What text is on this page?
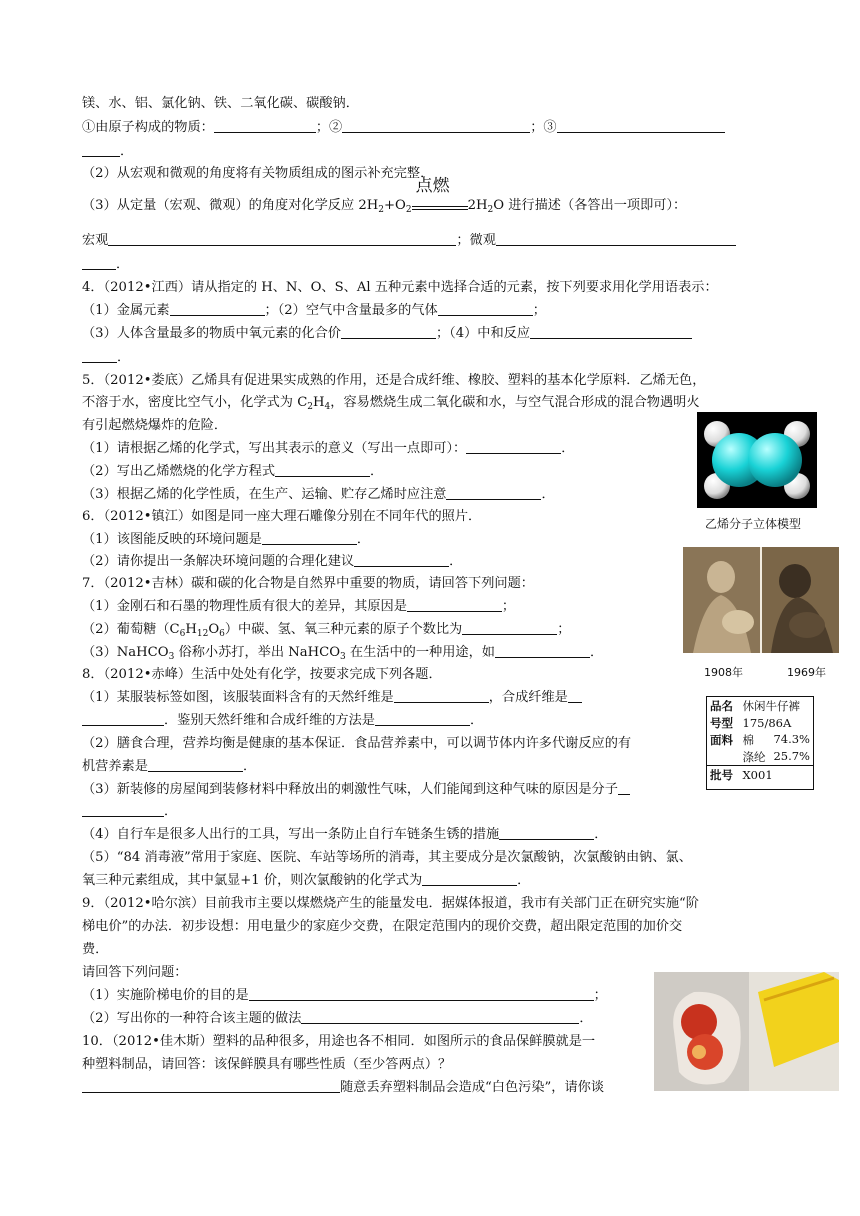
镁、水、铝、氯化钠、铁、二氧化碳、碳酸钠．
①由原子构成的物质：	；②	；③
．
（2）从宏观和微观的角度将有关物质组成的图示补充完整．
（3）从定量（宏观、微观）的角度对化学反应 $2H_2+O_2$
点燃
$2H_2O$ 进行描述（各答出一项即可）：
宏观	；微观
．
4．（2012•江西）请从指定的 H、N、O、S、Al 五种元素中选择合适的元素，按下列要求用化学用语表示：
（1）金属元素	；（2）空气中含量最多的气体	；
（3）人体含量最多的物质中氧元素的化合价	；（4）中和反应
．
5．（2012•娄底）乙烯具有促进果实成熟的作用，还是合成纤维、橡胶、塑料的基本化学原料．乙烯无色，
不溶于水，密度比空气小，化学式为 $C_2H_4$，容易燃烧生成二氧化碳和水，与空气混合形成的混合物遇明火
有引起燃烧爆炸的危险．
（1）请根据乙烯的化学式，写出其表示的意义（写出一点即可）：	．
（2）写出乙烯燃烧的化学方程式	．
（3）根据乙烯的化学性质，在生产、运输、贮存乙烯时应注意	．
6．（2012•镇江）如图是同一座大理石雕像分别在不同年代的照片．
（1）该图能反映的环境问题是	．
（2）请你提出一条解决环境问题的合理化建议	．
7．（2012•吉林）碳和碳的化合物是自然界中重要的物质，请回答下列问题：
（1）金刚石和石墨的物理性质有很大的差异，其原因是	；
（2）葡萄糖$(C_6H_{12}O_6)$中碳、氢、氧三种元素的原子个数比为	；
（3）NaHCO$_3$ 俗称小苏打，举出 NaHCO$_3$ 在生活中的一种用途，如	．
8．（2012•赤峰）生活中处处有化学，按要求完成下列各题．
（1）某服装标签如图，该服装面料含有的天然纤维是	，合成纤维是
．鉴别天然纤维和合成纤维的方法是	．
（2）膳食合理，营养均衡是健康的基本保证．食品营养素中，可以调节体内许多代谢反应的有
机营养素是	．
（3）新装修的房屋闻到装修材料中释放出的刺激性气味，人们能闻到这种气味的原因是分子
．
（4）自行车是很多人出行的工具，写出一条防止自行车链条生锈的措施	．
（5）“84 消毒液”常用于家庭、医院、车站等场所的消毒，其主要成分是次氯酸钠，次氯酸钠由钠、氯、
氧三种元素组成，其中氯显+1 价，则次氯酸钠的化学式为	．
9．（2012•哈尔滨）目前我市主要以煤燃烧产生的能量发电．据媒体报道，我市有关部门正在研究实施“阶
梯电价”的办法．初步设想：用电量少的家庭少交费，在限定范围内的现价交费，超出限定范围的加价交
费．
请回答下列问题：
（1）实施阶梯电价的目的是	；
（2）写出你的一种符合该主题的做法	．
10．（2012•佳木斯）塑料的品种很多，用途也各不相同．如图所示的食品保鲜膜就是一
种塑料制品，请回答：该保鲜膜具有哪些性质（至少答两点）？
随意丢弃塑料制品会造成“白色污染”，请你谈
乙烯分子立体模型
1908年	1969年
品名	休闲牛仔裤
号型	175/86A
面料	棉 74.3%

	涤纶 25.7%

批号	X001
